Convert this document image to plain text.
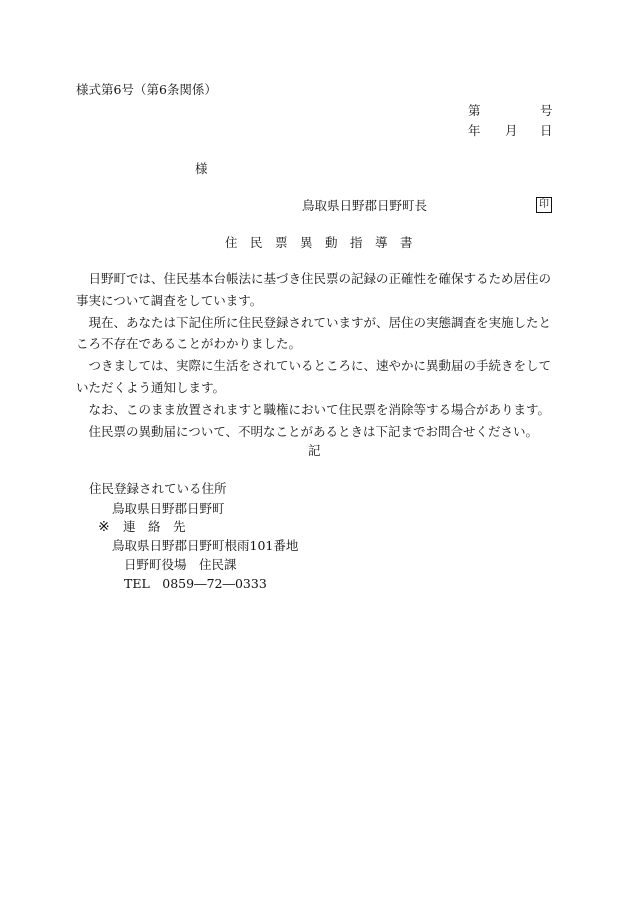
様式第6号（第6条関係）
第	号
年 月 日
様
鳥取県日野郡日野町長	印
住　民　票　異　動　指　導　書

日野町では、住民基本台帳法に基づき住民票の記録の正確性を確保するため居住の事実について調査をしています。

現在、あなたは下記住所に住民登録されていますが、居住の実態調査を実施したところ不存在であることがわかりました。

つきましては、実際に生活をされているところに、速やかに異動届の手続きをしていただくよう通知します。

なお、このまま放置されますと職権において住民票を消除等する場合があります。

住民票の異動届について、不明なことがあるときは下記までお問合せください。

記
住民登録されている住所
鳥取県日野郡日野町
※ 連　絡　先
鳥取県日野郡日野町根雨101番地
日野町役場　住民課
TEL　0859―72―0333
